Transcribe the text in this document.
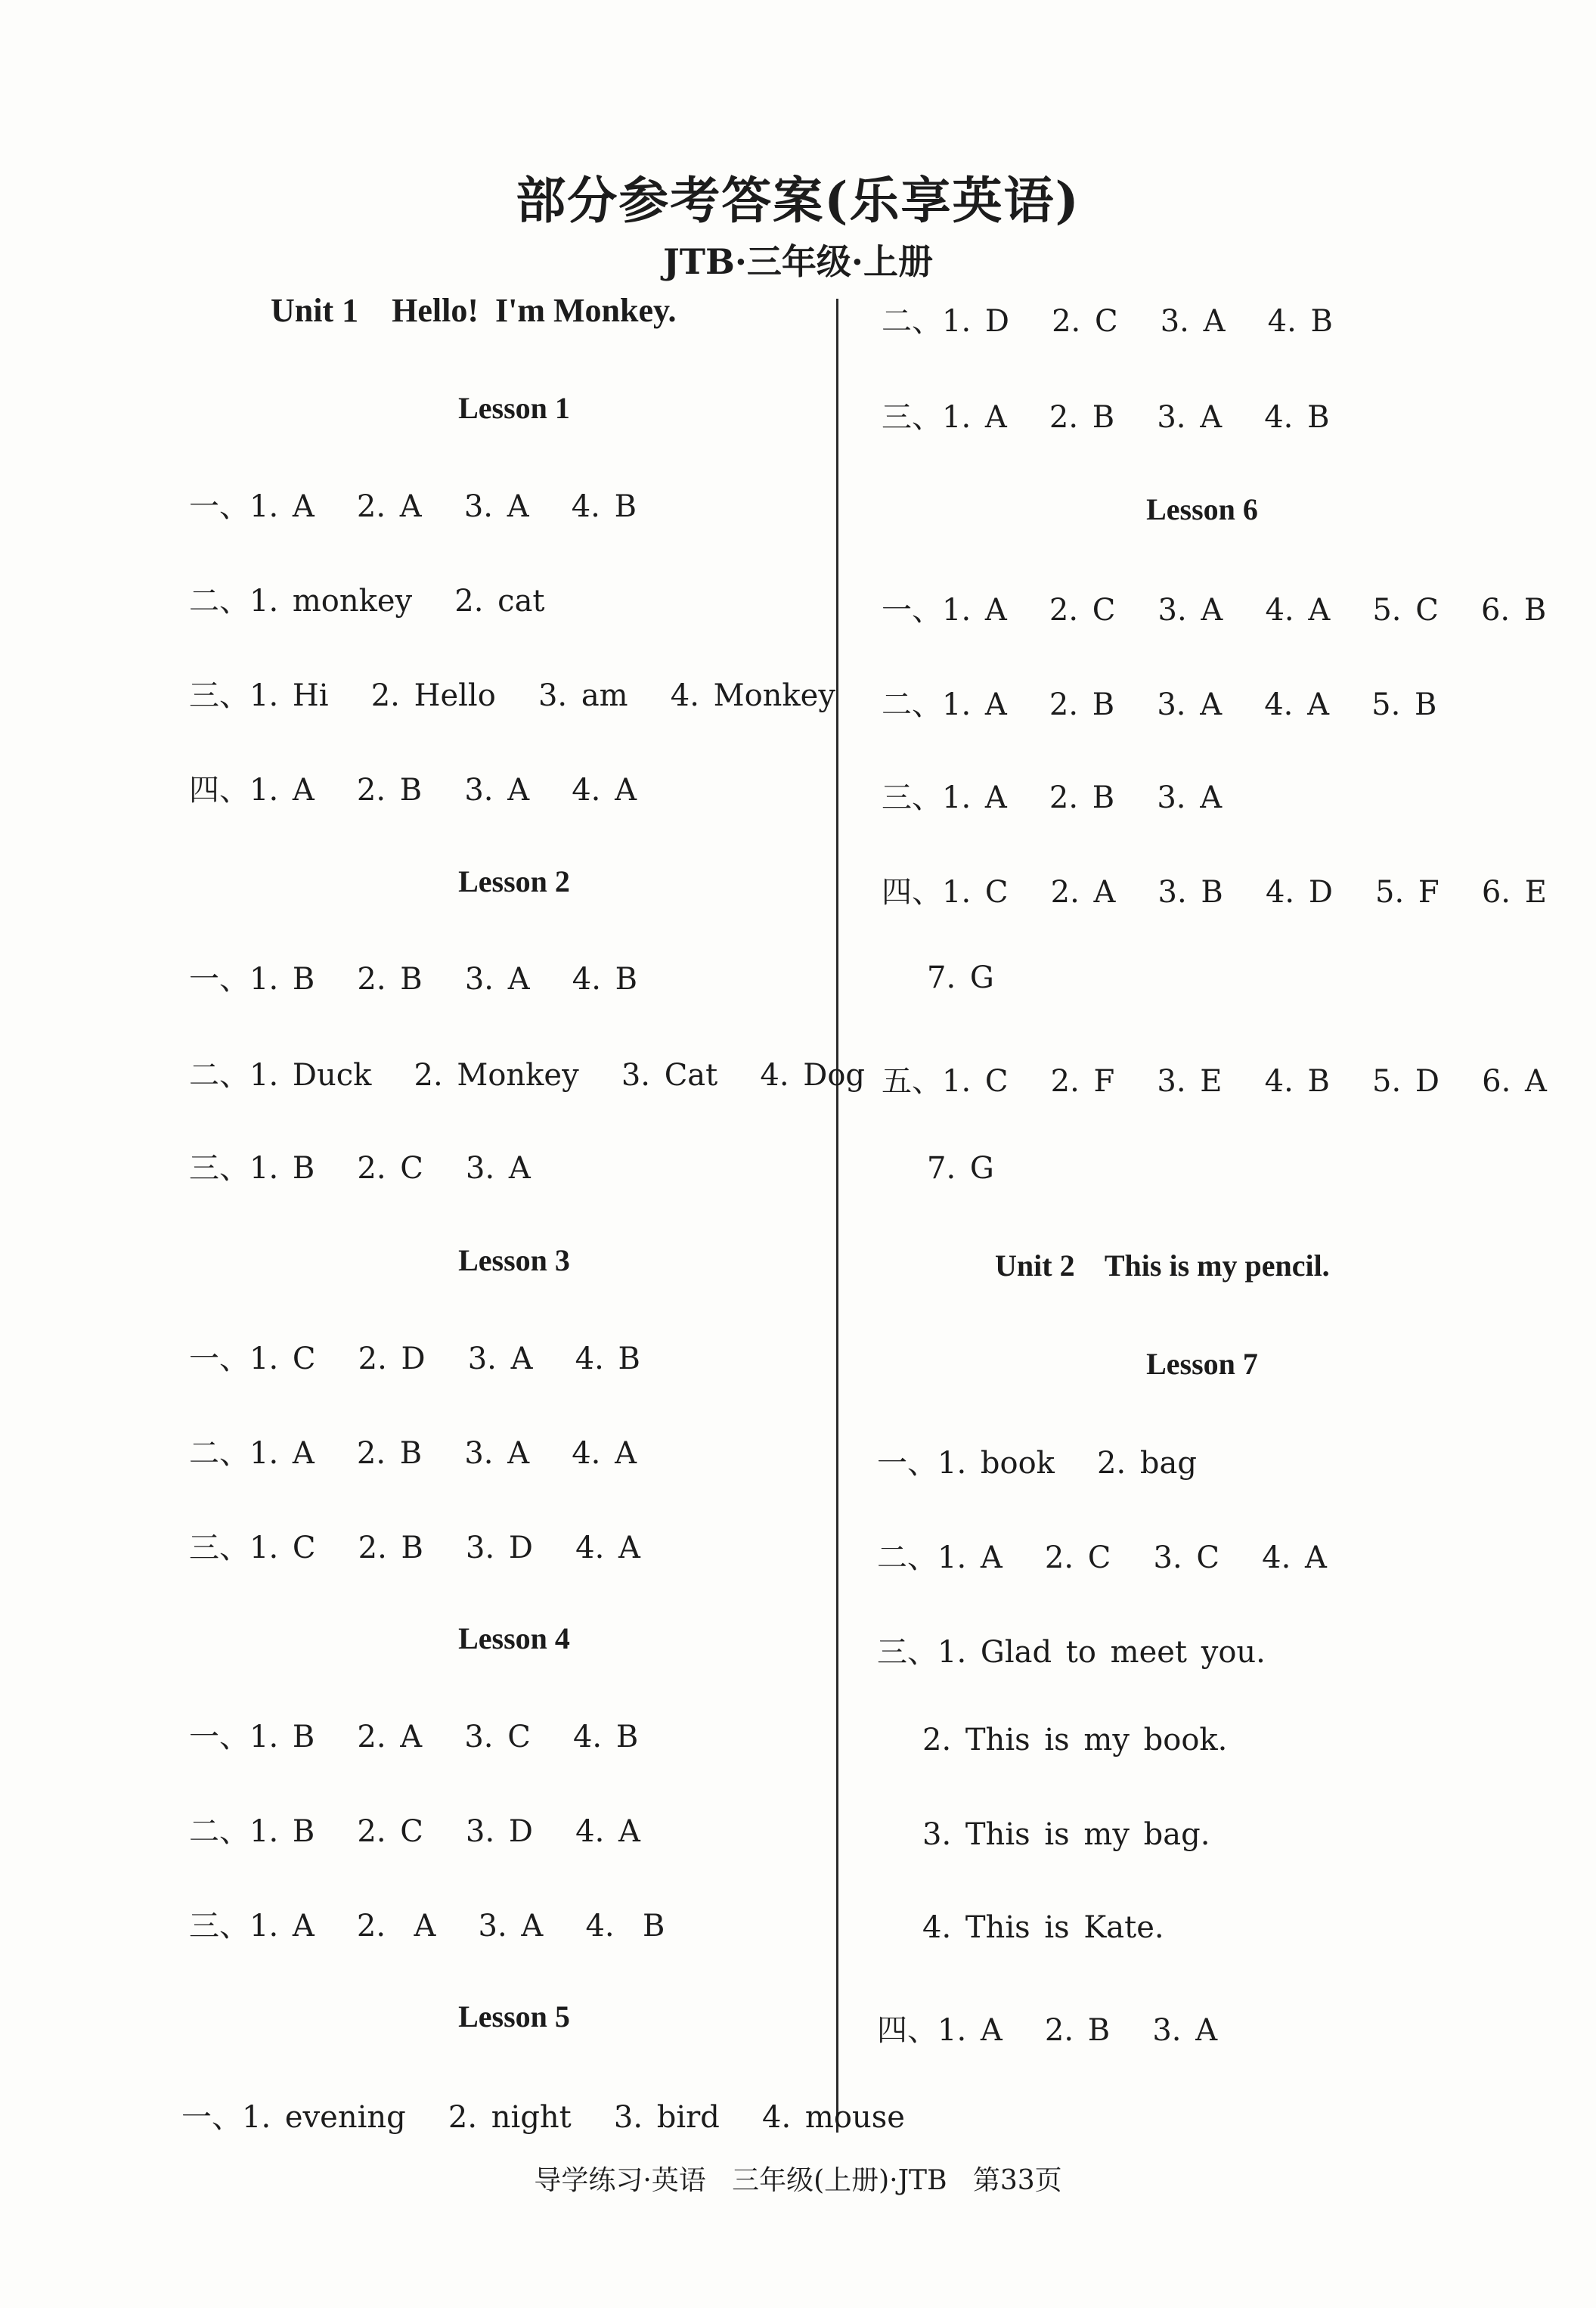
部分参考答案(乐享英语)
JTB·三年级·上册
Unit 1    Hello!  I'm Monkey.
Lesson 1
一、1. A   2. A   3. A   4. B
二、1. monkey   2. cat
三、1. Hi   2. Hello   3. am   4. Monkey
四、1. A   2. B   3. A   4. A
Lesson 2
一、1. B   2. B   3. A   4. B
二、1. Duck   2. Monkey   3. Cat   4. Dog
三、1. B   2. C   3. A
Lesson 3
一、1. C   2. D   3. A   4. B
二、1. A   2. B   3. A   4. A
三、1. C   2. B   3. D   4. A
Lesson 4
一、1. B   2. A   3. C   4. B
二、1. B   2. C   3. D   4. A
三、1. A   2.  A   3. A   4.  B
Lesson 5
一、1. evening   2. night   3. bird   4. mouse
二、1. D   2. C   3. A   4. B
三、1. A   2. B   3. A   4. B
Lesson 6
一、1. A   2. C   3. A   4. A   5. C   6. B
二、1. A   2. B   3. A   4. A   5. B
三、1. A   2. B   3. A
四、1. C   2. A   3. B   4. D   5. F   6. E
7. G
五、1. C   2. F   3. E   4. B   5. D   6. A
7. G
Unit 2    This is my pencil.
Lesson 7
一、1. book   2. bag
二、1. A   2. C   3. C   4. A
三、1. Glad to meet you.
2. This is my book.
3. This is my bag.
4. This is Kate.
四、1. A   2. B   3. A
导学练习·英语   三年级(上册)·JTB   第33页
